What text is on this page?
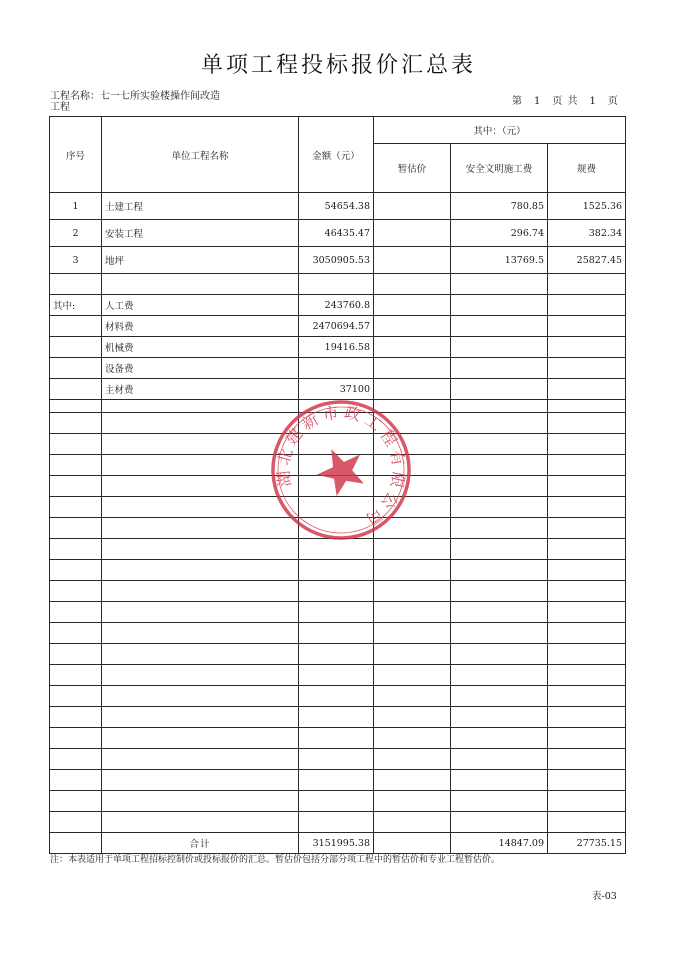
单项工程投标报价汇总表
工程名称：七一七所实验楼操作间改造
工程
第　1　页 共　1　页
序号	单位工程名称	金额（元）	其中：（元）		
			暂估价	安全文明施工费	规费
1	土建工程	54654.38		780.85	1525.36
2	安装工程	46435.47		296.74	382.34
3	地坪	3050905.53		13769.5	25827.45

其中:	人工费	243760.8			
	材料费	2470694.57			
	机械费	19416.58			
	设备费				
	主材费	37100			

	合计	3151995.38		14847.09	27735.15
注：本表适用于单项工程招标控制价或投标报价的汇总。暂估价包括分部分项工程中的暂估价和专业工程暂估价。
表-03
湖北建新市政工程有限公司
